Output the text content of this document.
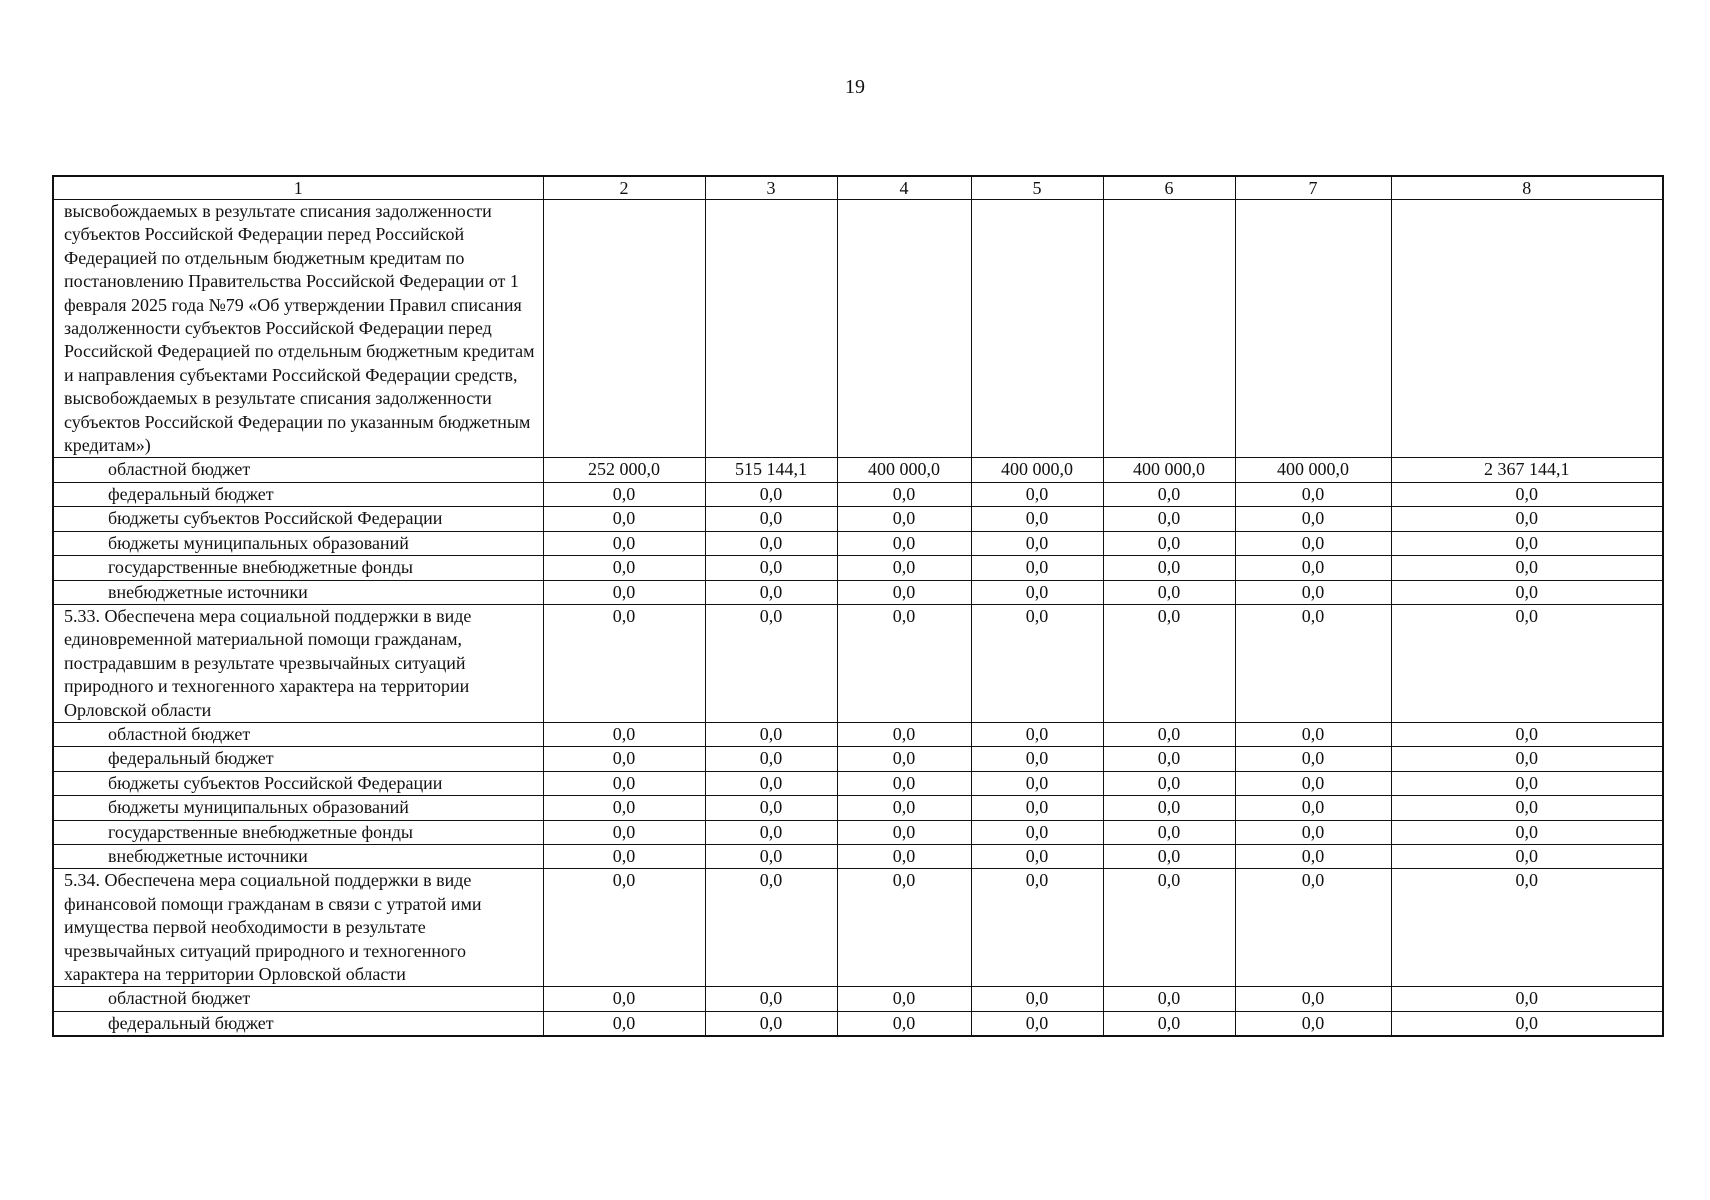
19
1	2	3	4	5	6	7	8
высвобождаемых в результате списания задолженности субъектов Российской Федерации перед Российской Федерацией по отдельным бюджетным кредитам по постановлению Правительства Российской Федерации от 1 февраля 2025 года №79 «Об утверждении Правил списания задолженности субъектов Российской Федерации перед Российской Федерацией по отдельным бюджетным кредитам и направления субъектами Российской Федерации средств, высвобождаемых в результате списания задолженности субъектов Российской Федерации по указанным бюджетным кредитам»)							
областной бюджет	252 000,0	515 144,1	400 000,0	400 000,0	400 000,0	400 000,0	2 367 144,1
федеральный бюджет	0,0	0,0	0,0	0,0	0,0	0,0	0,0
бюджеты субъектов Российской Федерации	0,0	0,0	0,0	0,0	0,0	0,0	0,0
бюджеты муниципальных образований	0,0	0,0	0,0	0,0	0,0	0,0	0,0
государственные внебюджетные фонды	0,0	0,0	0,0	0,0	0,0	0,0	0,0
внебюджетные источники	0,0	0,0	0,0	0,0	0,0	0,0	0,0
5.33. Обеспечена мера социальной поддержки в виде единовременной материальной помощи гражданам, пострадавшим в результате чрезвычайных ситуаций природного и техногенного характера на территории Орловской области	0,0	0,0	0,0	0,0	0,0	0,0	0,0
областной бюджет	0,0	0,0	0,0	0,0	0,0	0,0	0,0
федеральный бюджет	0,0	0,0	0,0	0,0	0,0	0,0	0,0
бюджеты субъектов Российской Федерации	0,0	0,0	0,0	0,0	0,0	0,0	0,0
бюджеты муниципальных образований	0,0	0,0	0,0	0,0	0,0	0,0	0,0
государственные внебюджетные фонды	0,0	0,0	0,0	0,0	0,0	0,0	0,0
внебюджетные источники	0,0	0,0	0,0	0,0	0,0	0,0	0,0
5.34. Обеспечена мера социальной поддержки в виде финансовой помощи гражданам в связи с утратой ими имущества первой необходимости в результате чрезвычайных ситуаций природного и техногенного характера на территории Орловской области	0,0	0,0	0,0	0,0	0,0	0,0	0,0
областной бюджет	0,0	0,0	0,0	0,0	0,0	0,0	0,0
федеральный бюджет	0,0	0,0	0,0	0,0	0,0	0,0	0,0
